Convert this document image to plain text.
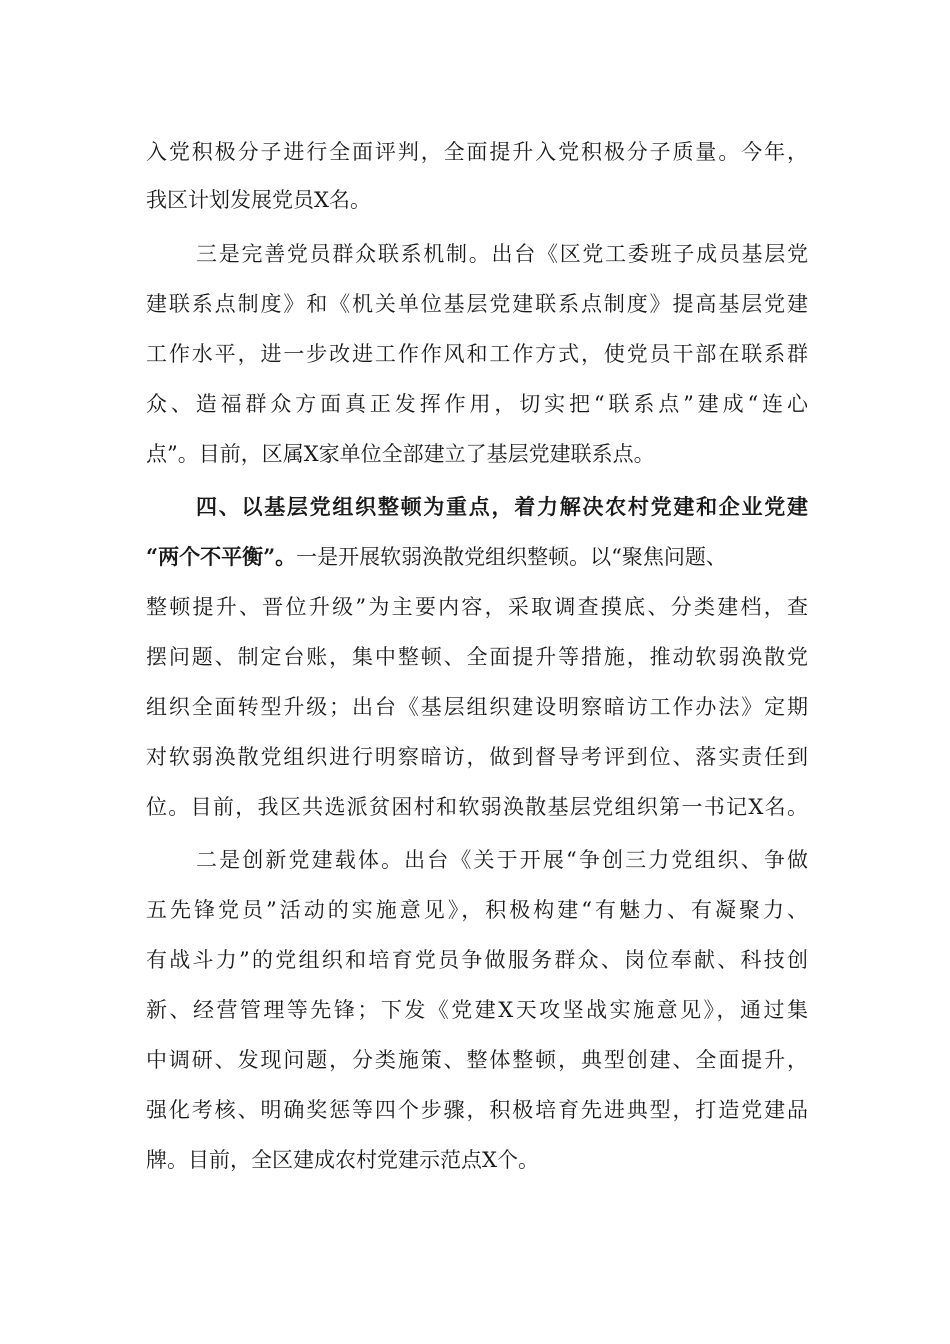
入党积极分子进行全面评判，全面提升入党积极分子质量。今年，
我区计划发展党员X名。
三是完善党员群众联系机制。出台《区党工委班子成员基层党
建联系点制度》和《机关单位基层党建联系点制度》提高基层党建
工作水平，进一步改进工作作风和工作方式，使党员干部在联系群
众、造福群众方面真正发挥作用，切实把“联系点”建成“连心
点”。目前，区属X家单位全部建立了基层党建联系点。
四、以基层党组织整顿为重点，着力解决农村党建和企业党建
“两个不平衡”。一是开展软弱涣散党组织整顿。以“聚焦问题、
整顿提升、晋位升级”为主要内容，采取调查摸底、分类建档，查
摆问题、制定台账，集中整顿、全面提升等措施，推动软弱涣散党
组织全面转型升级；出台《基层组织建设明察暗访工作办法》定期
对软弱涣散党组织进行明察暗访，做到督导考评到位、落实责任到
位。目前，我区共选派贫困村和软弱涣散基层党组织第一书记X名。
二是创新党建载体。出台《关于开展“争创三力党组织、争做
五先锋党员”活动的实施意见》，积极构建“有魅力、有凝聚力、
有战斗力”的党组织和培育党员争做服务群众、岗位奉献、科技创
新、经营管理等先锋；下发《党建X天攻坚战实施意见》，通过集
中调研、发现问题，分类施策、整体整顿，典型创建、全面提升，
强化考核、明确奖惩等四个步骤，积极培育先进典型，打造党建品
牌。目前，全区建成农村党建示范点X个。
